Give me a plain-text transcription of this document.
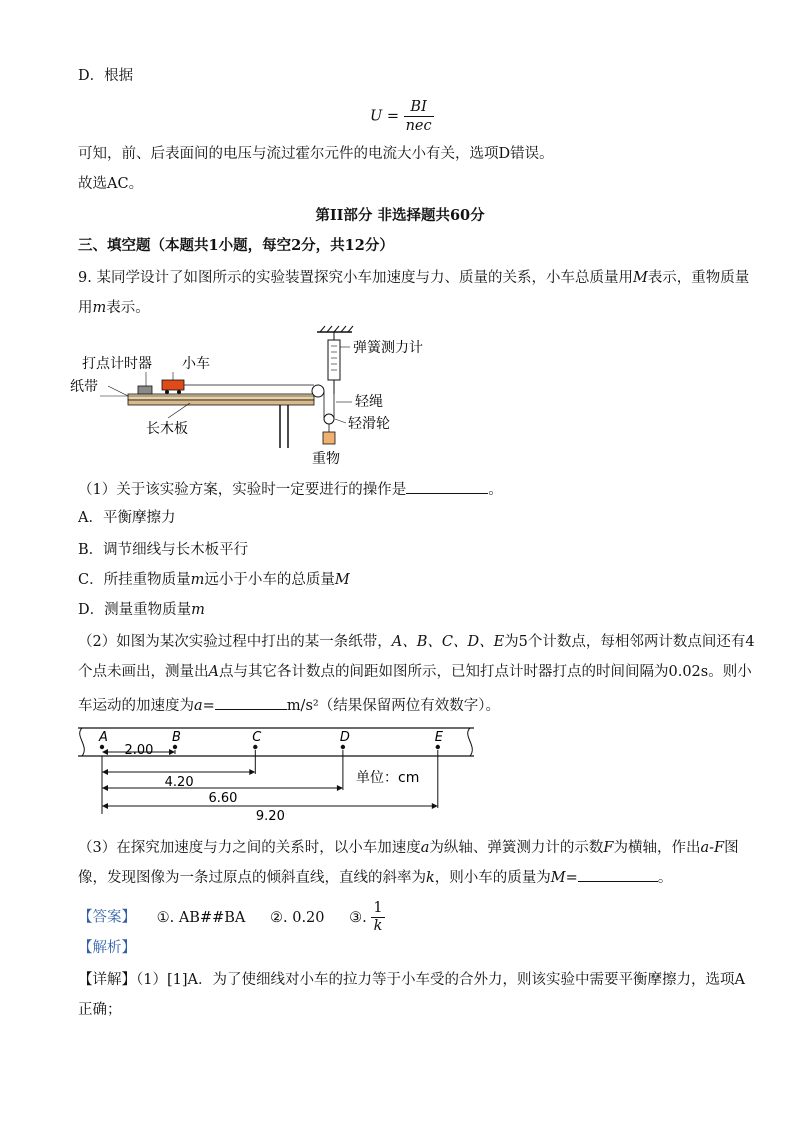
D．根据
$U = \frac{BI}{\text{nec}}$
可知，前、后表面间的电压与流过霍尔元件的电流大小有关，选项D错误。
故选AC。
第II部分 非选择题共60分
三、填空题（本题共1小题，每空2分，共12分）
9. 某同学设计了如图所示的实验装置探究小车加速度与力、质量的关系，小车总质量用M表示，重物质量
用m表示。
打点计时器 小车
纸带
长木板
弹簧测力计
轻绳
轻滑轮
重物
（1）关于该实验方案，实验时一定要进行的操作是	。
A．平衡摩擦力
B．调节细线与长木板平行
C．所挂重物质量m远小于小车的总质量M
D．测量重物质量m
（2）如图为某次实验过程中打出的某一条纸带，A、B、C、D、E为5个计数点，每相邻两计数点间还有4
个点未画出，测量出A点与其它各计数点的间距如图所示，已知打点计时器打点的时间间隔为0.02s。则小
车运动的加速度为a=	m/s²（结果保留两位有效数字）。
A	B	C	D	E
2.00
4.20
6.60
9.20
单位：cm
（3）在探究加速度与力之间的关系时，以小车加速度a为纵轴、弹簧测力计的示数F为横轴，作出a-F图
像，发现图像为一条过原点的倾斜直线，直线的斜率为k，则小车的质量为M=	。
【答案】 ①. AB##BA ②. 0.20 ③. $\frac{1}{k}$
【解析】
【详解】（1）[1]A．为了使细线对小车的拉力等于小车受的合外力，则该实验中需要平衡摩擦力，选项A
正确；
